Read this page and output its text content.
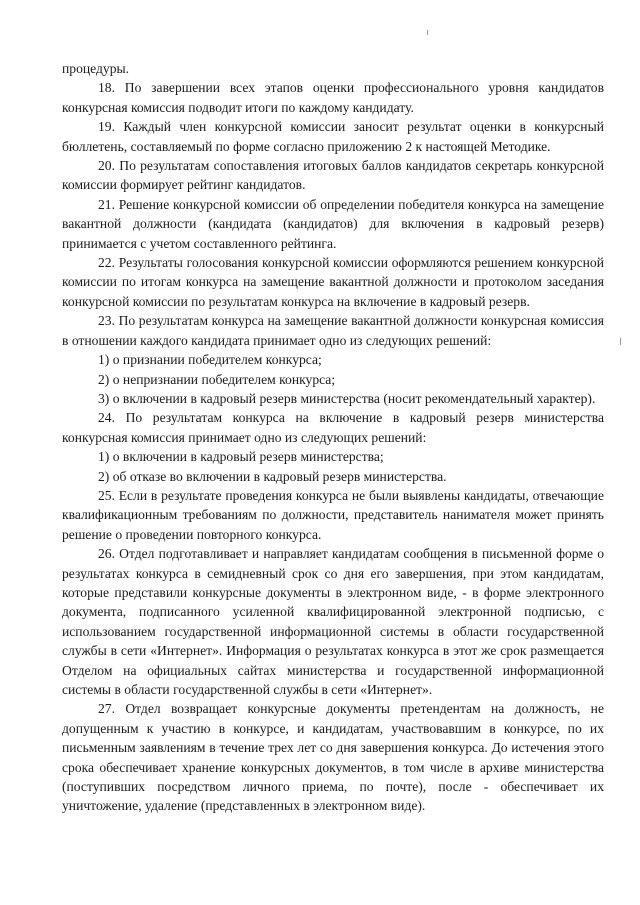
процедуры.

18. По завершении всех этапов оценки профессионального уровня кандидатов конкурсная комиссия подводит итоги по каждому кандидату.

19. Каждый член конкурсной комиссии заносит результат оценки в конкурсный бюллетень, составляемый по форме согласно приложению 2 к настоящей Методике.

20. По результатам сопоставления итоговых баллов кандидатов секретарь конкурсной комиссии формирует рейтинг кандидатов.

21. Решение конкурсной комиссии об определении победителя конкурса на замещение вакантной должности (кандидата (кандидатов) для включения в кадровый резерв) принимается с учетом составленного рейтинга.

22. Результаты голосования конкурсной комиссии оформляются решением конкурсной комиссии по итогам конкурса на замещение вакантной должности и протоколом заседания конкурсной комиссии по результатам конкурса на включение в кадровый резерв.

23. По результатам конкурса на замещение вакантной должности конкурсная комиссия в отношении каждого кандидата принимает одно из следующих решений:

1) о признании победителем конкурса;

2) о непризнании победителем конкурса;

3) о включении в кадровый резерв министерства (носит рекомендательный характер).

24. По результатам конкурса на включение в кадровый резерв министерства конкурсная комиссия принимает одно из следующих решений:

1) о включении в кадровый резерв министерства;

2) об отказе во включении в кадровый резерв министерства.

25. Если в результате проведения конкурса не были выявлены кандидаты, отвечающие квалификационным требованиям по должности, представитель нанимателя может принять решение о проведении повторного конкурса.

26. Отдел подготавливает и направляет кандидатам сообщения в письменной форме о результатах конкурса в семидневный срок со дня его завершения, при этом кандидатам, которые представили конкурсные документы в электронном виде, - в форме электронного документа, подписанного усиленной квалифицированной электронной подписью, с использованием государственной информационной системы в области государственной службы в сети «Интернет». Информация о результатах конкурса в этот же срок размещается Отделом на официальных сайтах министерства и государственной информационной системы в области государственной службы в сети «Интернет».

27. Отдел возвращает конкурсные документы претендентам на должность, не допущенным к участию в конкурсе, и кандидатам, участвовавшим в конкурсе, по их письменным заявлениям в течение трех лет со дня завершения конкурса. До истечения этого срока обеспечивает хранение конкурсных документов, в том числе в архиве министерства (поступивших посредством личного приема, по почте), после - обеспечивает их уничтожение, удаление (представленных в электронном виде).
